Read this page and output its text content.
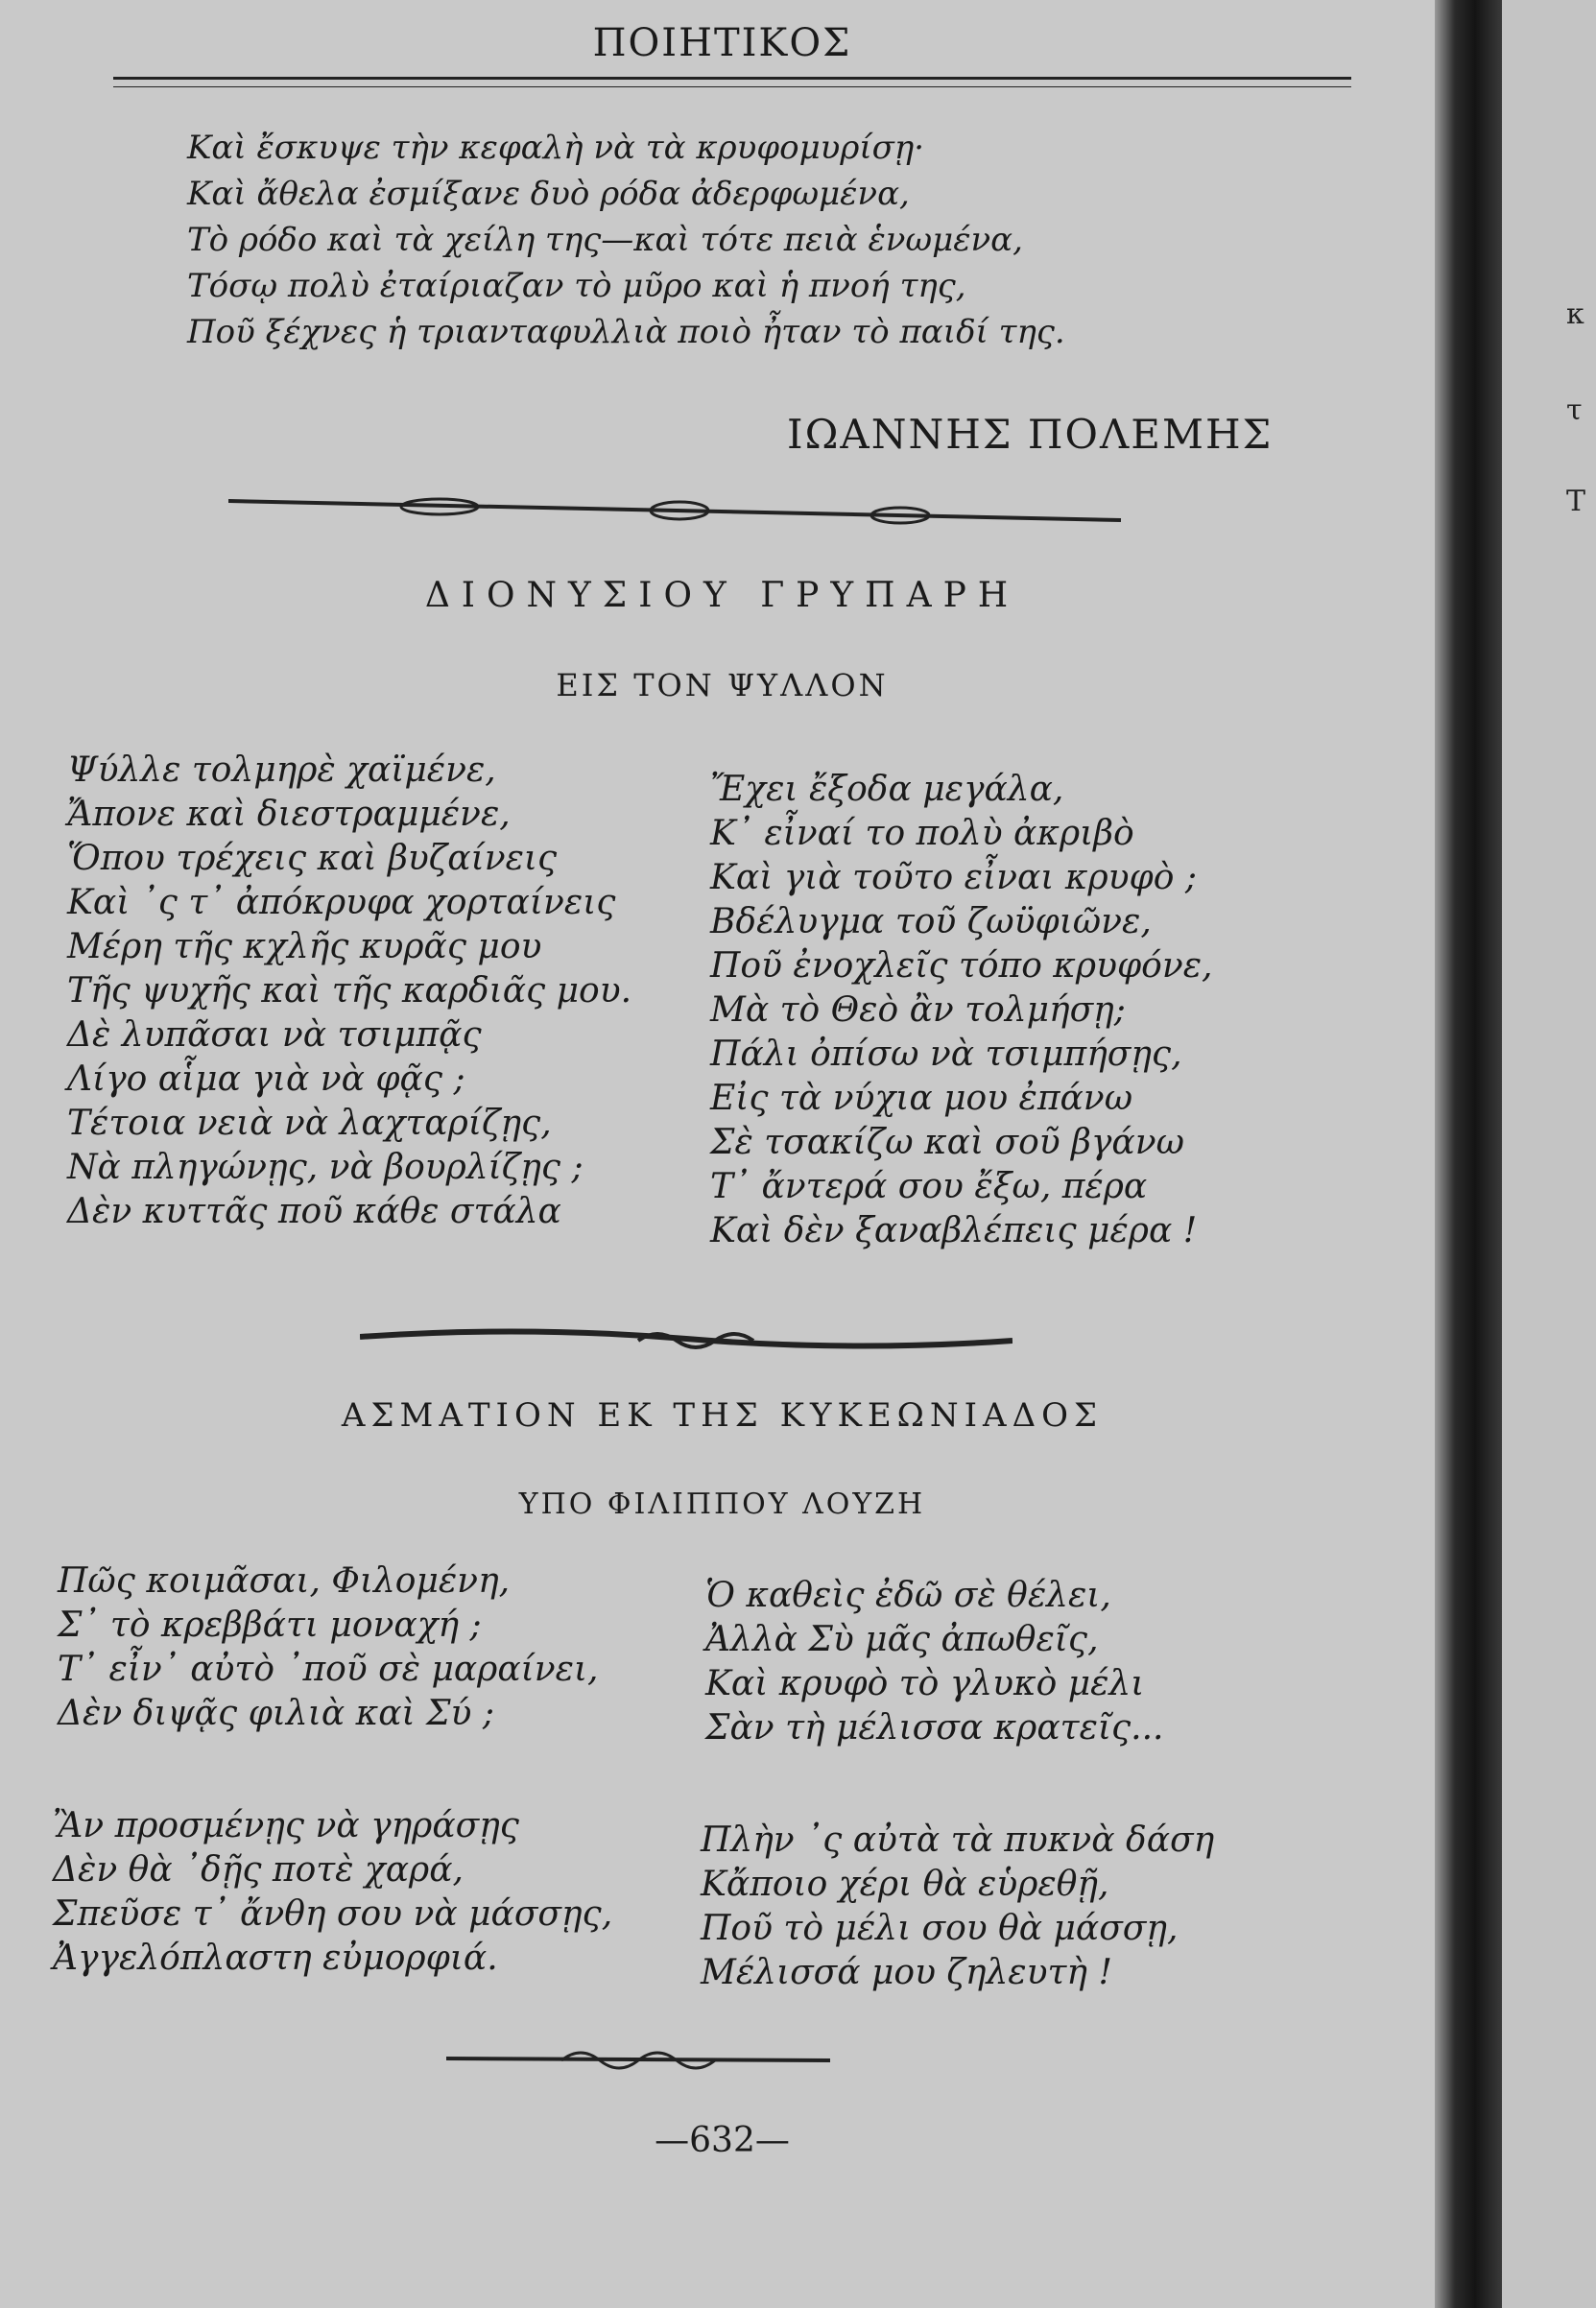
ΠΟΙΗΤΙΚΟΣ
Καὶ ἔσκυψε τὴν κεφαλὴ νὰ τὰ κρυφομυρίσῃ·
Καὶ ἄθελα ἐσμίξανε δυὸ ρόδα ἀδερφωμένα,
Τὸ ρόδο καὶ τὰ χείλη της—καὶ τότε πειὰ ἑνωμένα,
Τόσῳ πολὺ ἐταίριαζαν τὸ μῦρο καὶ ἡ πνοή της,
Ποῦ ξέχνες ἡ τριανταφυλλιὰ ποιὸ ἦταν τὸ παιδί της.
ΙΩΑΝΝΗΣ ΠΟΛΕΜΗΣ
ΔΙΟΝΥΣΙΟΥ ΓΡΥΠΑΡΗ
ΕΙΣ ΤΟΝ ΨΥΛΛΟΝ
Ψύλλε τολμηρὲ χαϊμένε,
Ἄπονε καὶ διεστραμμένε,
Ὅπου τρέχεις καὶ βυζαίνεις
Καὶ ᾽ς τ᾽ ἀπόκρυφα χορταίνεις
Μέρη τῆς κχλῆς κυρᾶς μου
Τῆς ψυχῆς καὶ τῆς καρδιᾶς μου.
Δὲ λυπᾶσαι νὰ τσιμπᾷς
Λίγο αἷμα γιὰ νὰ φᾷς ;
Τέτοια νειὰ νὰ λαχταρίζῃς,
Νὰ πληγώνῃς, νὰ βουρλίζῃς ;
Δὲν κυττᾶς ποῦ κάθε στάλα
Ἔχει ἔξοδα μεγάλα,
Κ᾽ εἶναί το πολὺ ἀκριβὸ
Καὶ γιὰ τοῦτο εἶναι κρυφὸ ;
Βδέλυγμα τοῦ ζωϋφιῶνε,
Ποῦ ἐνοχλεῖς τόπο κρυφόνε,
Μὰ τὸ Θεὸ ἂν τολμήσῃ;
Πάλι ὀπίσω νὰ τσιμπήσῃς,
Εἰς τὰ νύχια μου ἐπάνω
Σὲ τσακίζω καὶ σοῦ βγάνω
Τ᾽ ἄντερά σου ἔξω, πέρα
Καὶ δὲν ξαναβλέπεις μέρα !
ΑΣΜΑΤΙΟΝ ΕΚ ΤΗΣ ΚΥΚΕΩΝΙΑΔΟΣ
ΥΠΟ ΦΙΛΙΠΠΟΥ ΛΟΥΖΗ
Πῶς κοιμᾶσαι, Φιλομένη,
Σ᾽ τὸ κρεββάτι μοναχή ;
Τ᾽ εἶν᾽ αὐτὸ ᾽ποῦ σὲ μαραίνει,
Δὲν διψᾷς φιλιὰ καὶ Σύ ;
Ἂν προσμένῃς νὰ γηράσῃς
Δὲν θὰ ᾽δῇς ποτὲ χαρά,
Σπεῦσε τ᾽ ἄνθη σου νὰ μάσσῃς,
Ἀγγελόπλαστη εὐμορφιά.
Ὁ καθεὶς ἐδῶ σὲ θέλει,
Ἀλλὰ Σὺ μᾶς ἀπωθεῖς,
Καὶ κρυφὸ τὸ γλυκὸ μέλι
Σὰν τὴ μέλισσα κρατεῖς...
Πλὴν ᾽ς αὐτὰ τὰ πυκνὰ δάση
Κἄποιο χέρι θὰ εὑρεθῇ,
Ποῦ τὸ μέλι σου θὰ μάσσῃ,
Μέλισσά μου ζηλευτὴ !
—632—
κ
τ
Τ
